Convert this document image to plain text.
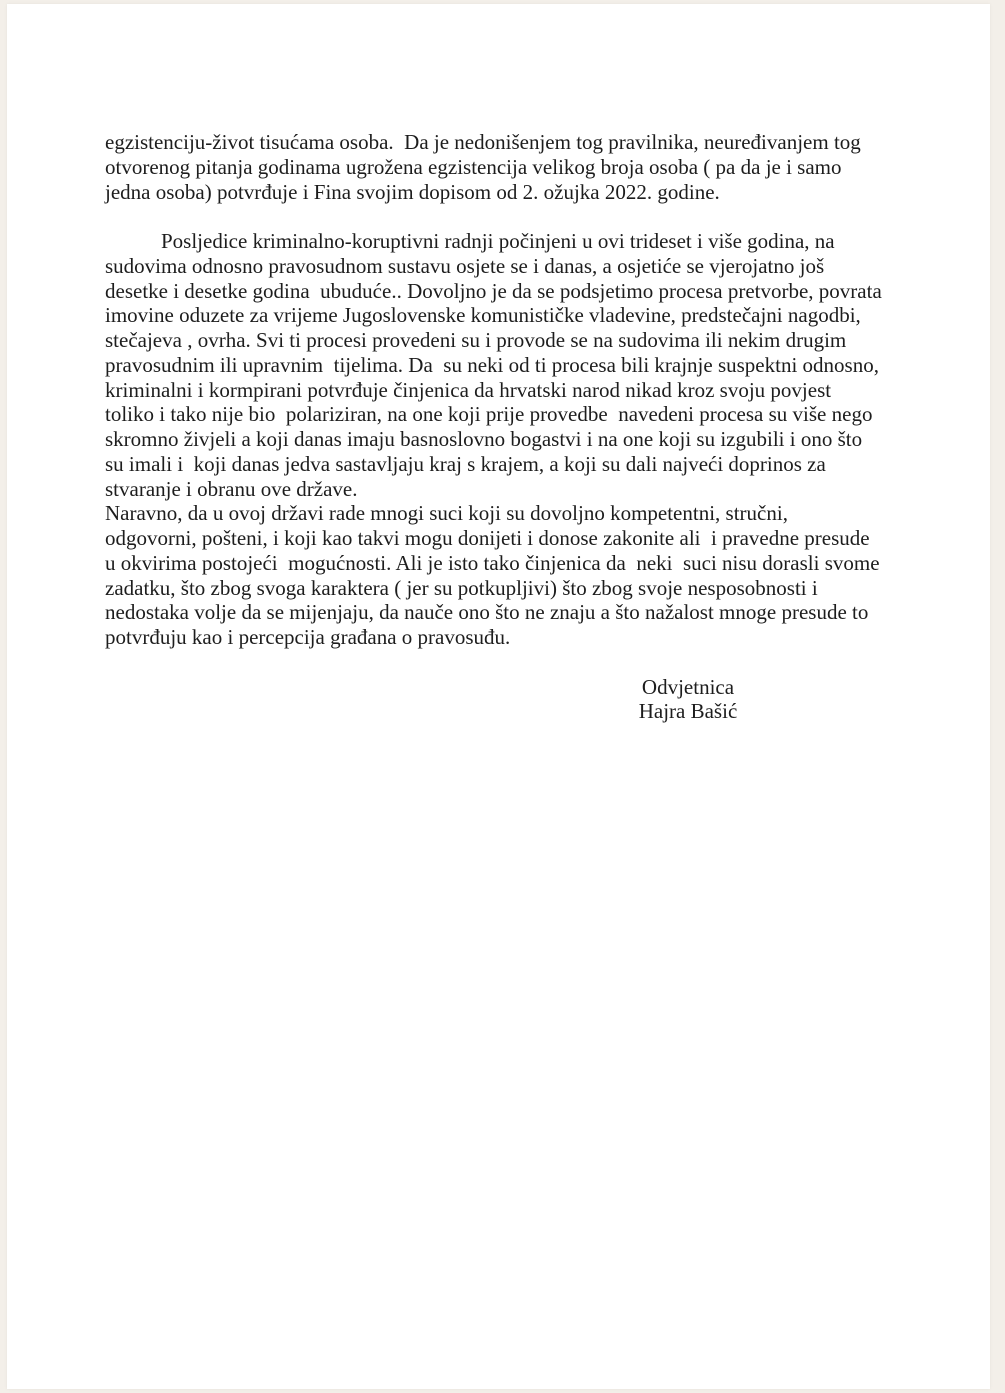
egzistenciju-život tisućama osoba.  Da je nedonišenjem tog pravilnika, neuređivanjem tog
otvorenog pitanja godinama ugrožena egzistencija velikog broja osoba ( pa da je i samo
jedna osoba) potvrđuje i Fina svojim dopisom od 2. ožujka 2022. godine.
Posljedice kriminalno-koruptivni radnji počinjeni u ovi trideset i više godina, na
sudovima odnosno pravosudnom sustavu osjete se i danas, a osjetiće se vjerojatno još
desetke i desetke godina  ubuduće.. Dovoljno je da se podsjetimo procesa pretvorbe, povrata
imovine oduzete za vrijeme Jugoslovenske komunističke vladevine, predstečajni nagodbi,
stečajeva , ovrha. Svi ti procesi provedeni su i provode se na sudovima ili nekim drugim
pravosudnim ili upravnim  tijelima. Da  su neki od ti procesa bili krajnje suspektni odnosno,
kriminalni i kormpirani potvrđuje činjenica da hrvatski narod nikad kroz svoju povjest
toliko i tako nije bio  polariziran, na one koji prije provedbe  navedeni procesa su više nego
skromno živjeli a koji danas imaju basnoslovno bogastvi i na one koji su izgubili i ono što
su imali i  koji danas jedva sastavljaju kraj s krajem, a koji su dali najveći doprinos za
stvaranje i obranu ove države.
Naravno, da u ovoj državi rade mnogi suci koji su dovoljno kompetentni, stručni,
odgovorni, pošteni, i koji kao takvi mogu donijeti i donose zakonite ali  i pravedne presude
u okvirima postojeći  mogućnosti. Ali je isto tako činjenica da  neki  suci nisu dorasli svome
zadatku, što zbog svoga karaktera ( jer su potkupljivi) što zbog svoje nesposobnosti i
nedostaka volje da se mijenjaju, da nauče ono što ne znaju a što nažalost mnoge presude to
potvrđuju kao i percepcija građana o pravosuđu.
Odvjetnica
Hajra Bašić
